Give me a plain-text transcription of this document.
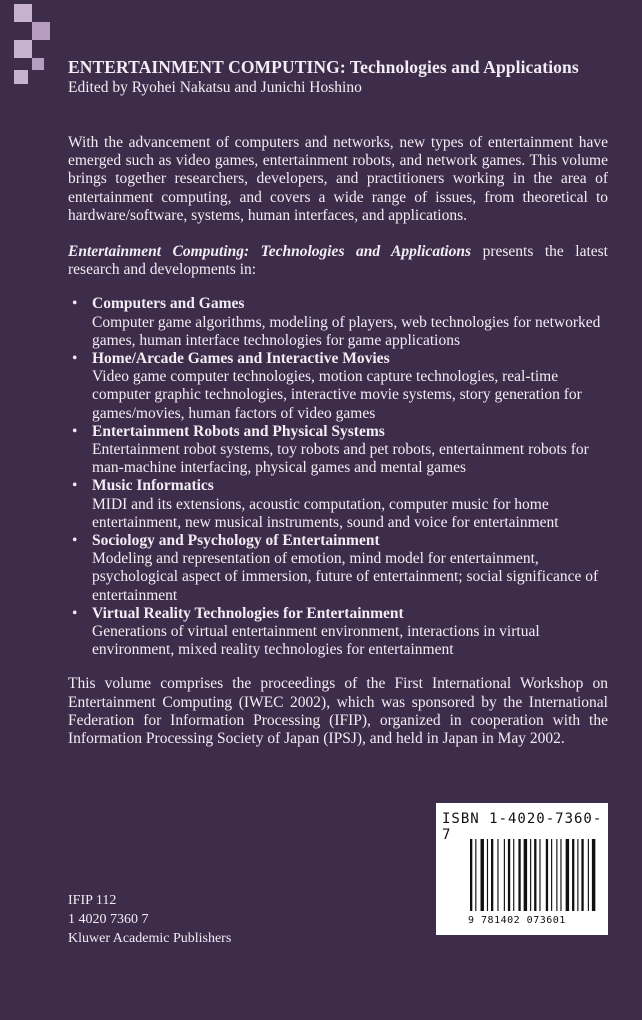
ENTERTAINMENT COMPUTING: Technologies and Applications
Edited by Ryohei Nakatsu and Junichi Hoshino

With the advancement of computers and networks, new types of entertainment have emerged such as video games, entertainment robots, and network games. This volume brings together researchers, developers, and practitioners working in the area of entertainment computing, and covers a wide range of issues, from theoretical to hardware/software, systems, human interfaces, and applications.

Entertainment Computing: Technologies and Applications presents the latest research and developments in:

• Computers and Games
Computer game algorithms, modeling of players, web technologies for networked games, human interface technologies for game applications
• Home/Arcade Games and Interactive Movies
Video game computer technologies, motion capture technologies, real-time computer graphic technologies, interactive movie systems, story generation for games/movies, human factors of video games
• Entertainment Robots and Physical Systems
Entertainment robot systems, toy robots and pet robots, entertainment robots for man-machine interfacing, physical games and mental games
• Music Informatics
MIDI and its extensions, acoustic computation, computer music for home entertainment, new musical instruments, sound and voice for entertainment
• Sociology and Psychology of Entertainment
Modeling and representation of emotion, mind model for entertainment, psychological aspect of immersion, future of entertainment; social significance of entertainment
• Virtual Reality Technologies for Entertainment
Generations of virtual entertainment environment, interactions in virtual environment, mixed reality technologies for entertainment

This volume comprises the proceedings of the First International Workshop on Entertainment Computing (IWEC 2002), which was sponsored by the International Federation for Information Processing (IFIP), organized in cooperation with the Information Processing Society of Japan (IPSJ), and held in Japan in May 2002.

ISBN 1-4020-7360-7
9 781402 073601
IFIP 112
1 4020 7360 7
Kluwer Academic Publishers
